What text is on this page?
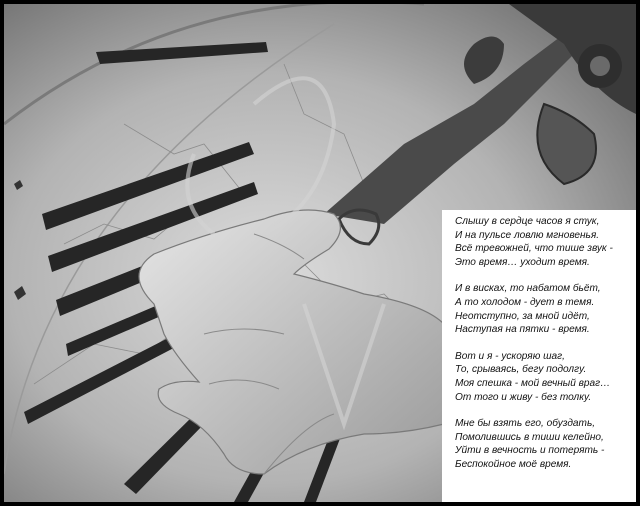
Слышу в сердце часов я стук,
И на пульсе ловлю мгновенья.
Всё тревожней, что тише звук -
Это время… уходит время.
И в висках, то набатом бьёт,
А то холодом - дует в темя.
Неотступно, за мной идёт,
Наступая на пятки - время.
Вот и я - ускоряю шаг,
То, срываясь, бегу подолгу.
Моя спешка - мой вечный враг…
От того и живу - без толку.
Мне бы взять его, обуздать,
Помолившись в тиши келейно,
Уйти в вечность и потерять -
Беспокойное моё время.
